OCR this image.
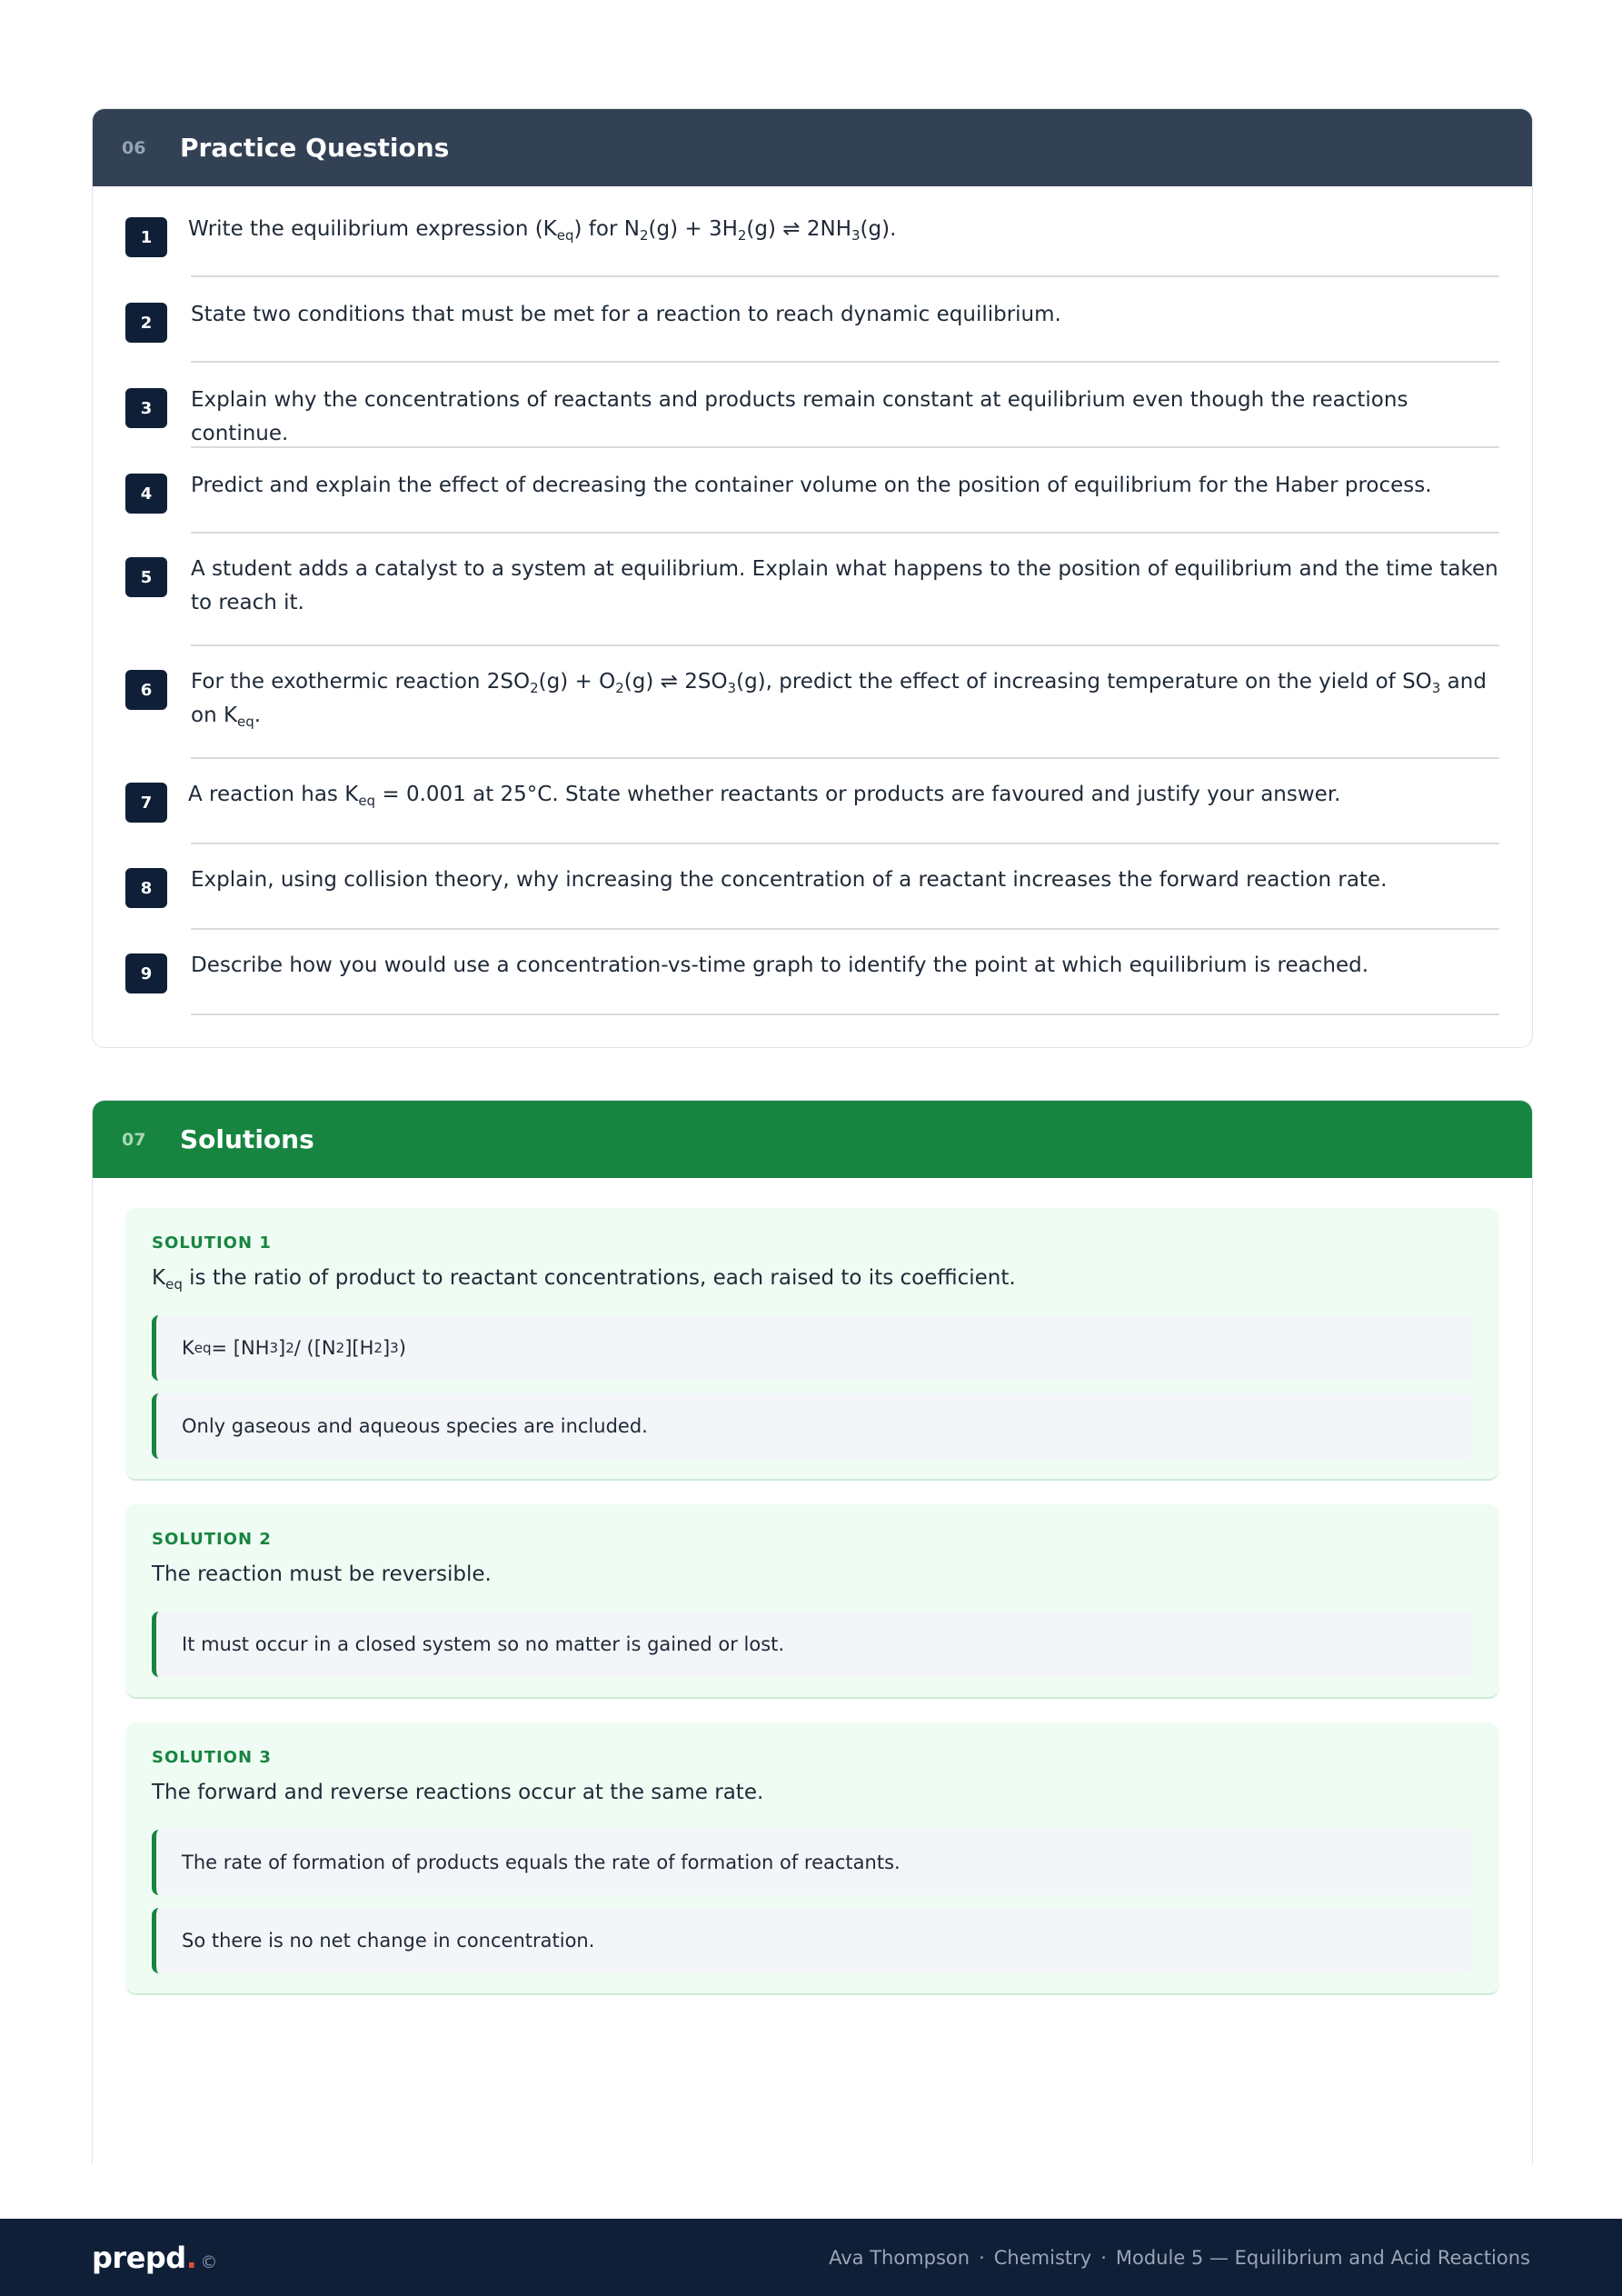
06	Practice Questions
1	Write the equilibrium expression $(K_{eq})$ for $N_2(g) + 3H_2(g)$ ⇌ $2NH_3(g)$.
2	State two conditions that must be met for a reaction to reach dynamic equilibrium.
3	Explain why the concentrations of reactants and products remain constant at equilibrium even though the reactions continue.
4	Predict and explain the effect of decreasing the container volume on the position of equilibrium for the Haber process.
5	A student adds a catalyst to a system at equilibrium. Explain what happens to the position of equilibrium and the time taken to reach it.
6	For the exothermic reaction $2SO_2(g) + O_2(g)$ ⇌ $2SO_3(g)$, predict the effect of increasing temperature on the yield of $SO_3$ and on $K_{eq}$.
7	A reaction has $K_{eq} = 0.001$ at 25°C. State whether reactants or products are favoured and justify your answer.
8	Explain, using collision theory, why increasing the concentration of a reactant increases the forward reaction rate.
9	Describe how you would use a concentration-vs-time graph to identify the point at which equilibrium is reached.
07	Solutions
SOLUTION 1
$K_{eq}$ is the ratio of product to reactant concentrations, each raised to its coefficient.
K eq = [NH 3 ] 2 / ([N 2 ][H 2 ] 3 )
Only gaseous and aqueous species are included.
SOLUTION 2
The reaction must be reversible.
It must occur in a closed system so no matter is gained or lost.
SOLUTION 3
The forward and reverse reactions occur at the same rate.
The rate of formation of products equals the rate of formation of reactants.
So there is no net change in concentration.
prepd. ©	Ava Thompson · Chemistry · Module 5 — Equilibrium and Acid Reactions
